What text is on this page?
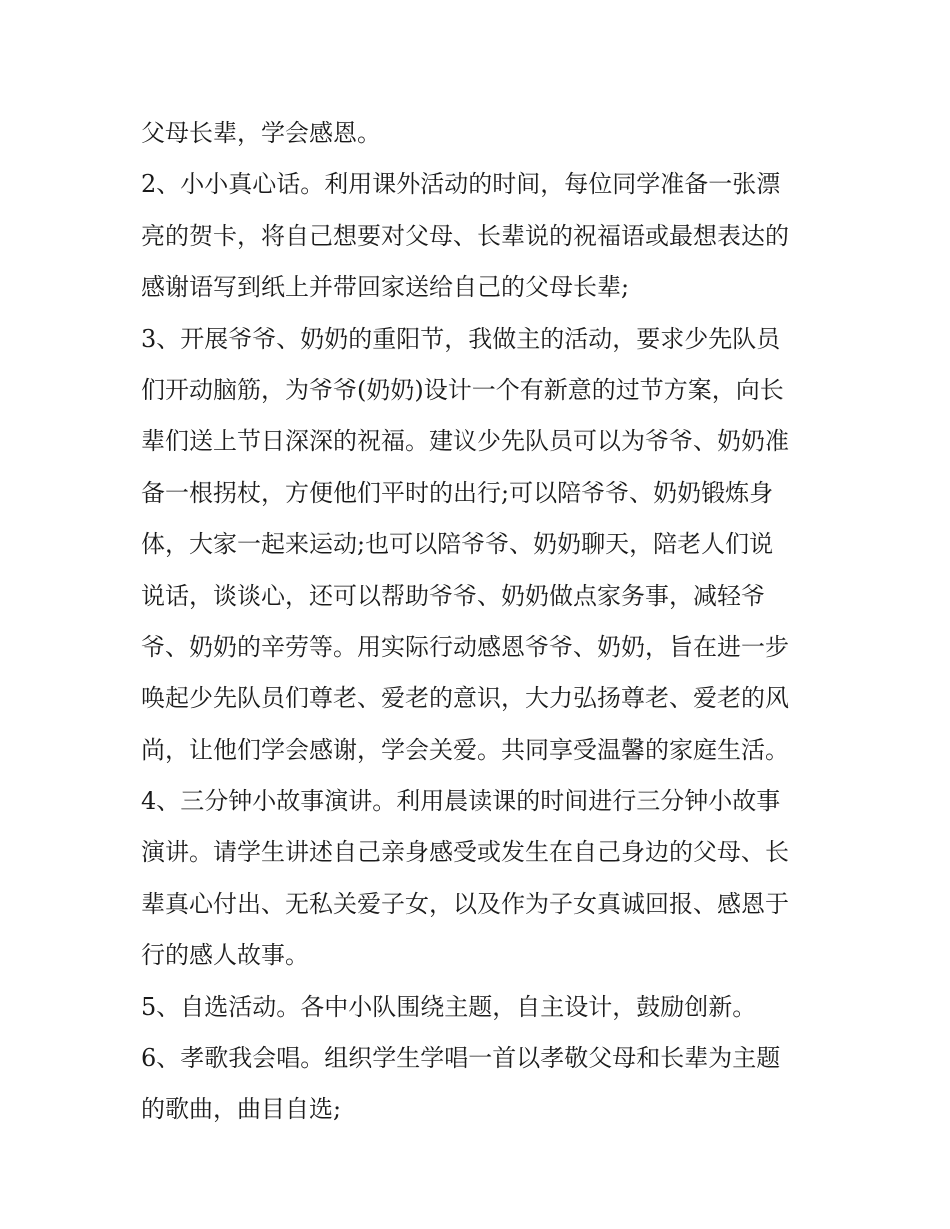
父母长辈，学会感恩。
2、小小真心话。利用课外活动的时间，每位同学准备一张漂
亮的贺卡，将自己想要对父母、长辈说的祝福语或最想表达的
感谢语写到纸上并带回家送给自己的父母长辈;
3、开展爷爷、奶奶的重阳节，我做主的活动，要求少先队员
们开动脑筋，为爷爷(奶奶)设计一个有新意的过节方案，向长
辈们送上节日深深的祝福。建议少先队员可以为爷爷、奶奶准
备一根拐杖，方便他们平时的出行;可以陪爷爷、奶奶锻炼身
体，大家一起来运动;也可以陪爷爷、奶奶聊天，陪老人们说
说话，谈谈心，还可以帮助爷爷、奶奶做点家务事，减轻爷
爷、奶奶的辛劳等。用实际行动感恩爷爷、奶奶，旨在进一步
唤起少先队员们尊老、爱老的意识，大力弘扬尊老、爱老的风
尚，让他们学会感谢，学会关爱。共同享受温馨的家庭生活。
4、三分钟小故事演讲。利用晨读课的时间进行三分钟小故事
演讲。请学生讲述自己亲身感受或发生在自己身边的父母、长
辈真心付出、无私关爱子女，以及作为子女真诚回报、感恩于
行的感人故事。
5、自选活动。各中小队围绕主题，自主设计，鼓励创新。
6、孝歌我会唱。组织学生学唱一首以孝敬父母和长辈为主题
的歌曲，曲目自选;
